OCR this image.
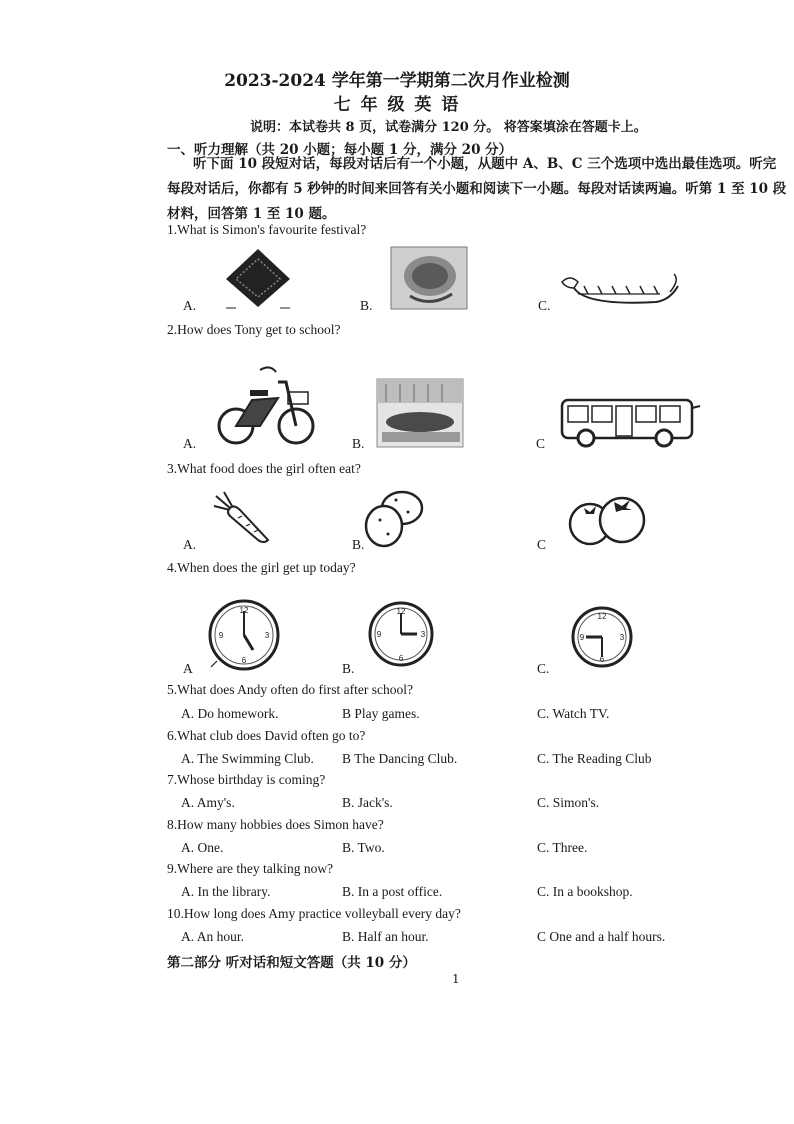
2023-2024 学年第一学期第二次月作业检测
七 年 级 英 语
说明：本试卷共 8 页，试卷满分 120 分。 将答案填涂在答题卡上。
一、听力理解（共 20 小题；每小题 1 分，满分 20 分）
听下面 10 段短对话，每段对话后有一个小题，从题中 A、B、C 三个选项中选出最佳选项。听完每段对话后，你都有 5 秒钟的时间来回答有关小题和阅读下一小题。每段对话读两遍。听第 1 至 10 段材料，回答第 1 至 10 题。
1.What is Simon's favourite festival?
A.	B.	C.
2.How does Tony get to school?
A.	B.	C
3.What food does the girl often eat?
A.	B.	C
4.When does the girl get up today?
A
12
3
6
9
B.
12
3
6
9
C.
12
3
6
9
5.What does Andy often do first after school?
A. Do homework.	B Play games.	C. Watch TV.
6.What club does David often go to?
A. The Swimming Club. B The Dancing Club.	C. The Reading Club
7.Whose birthday is coming?
A. Amy's.	B. Jack's.	C. Simon's.
8.How many hobbies does Simon have?
A. One.	B. Two.	C. Three.
9.Where are they talking now?
A. In the library.	B. In a post office.	C. In a bookshop.
10.How long does Amy practice volleyball every day?
A. An hour.	B. Half an hour.	C One and a half hours.
第二部分 听对话和短文答题（共 10 分）
1
